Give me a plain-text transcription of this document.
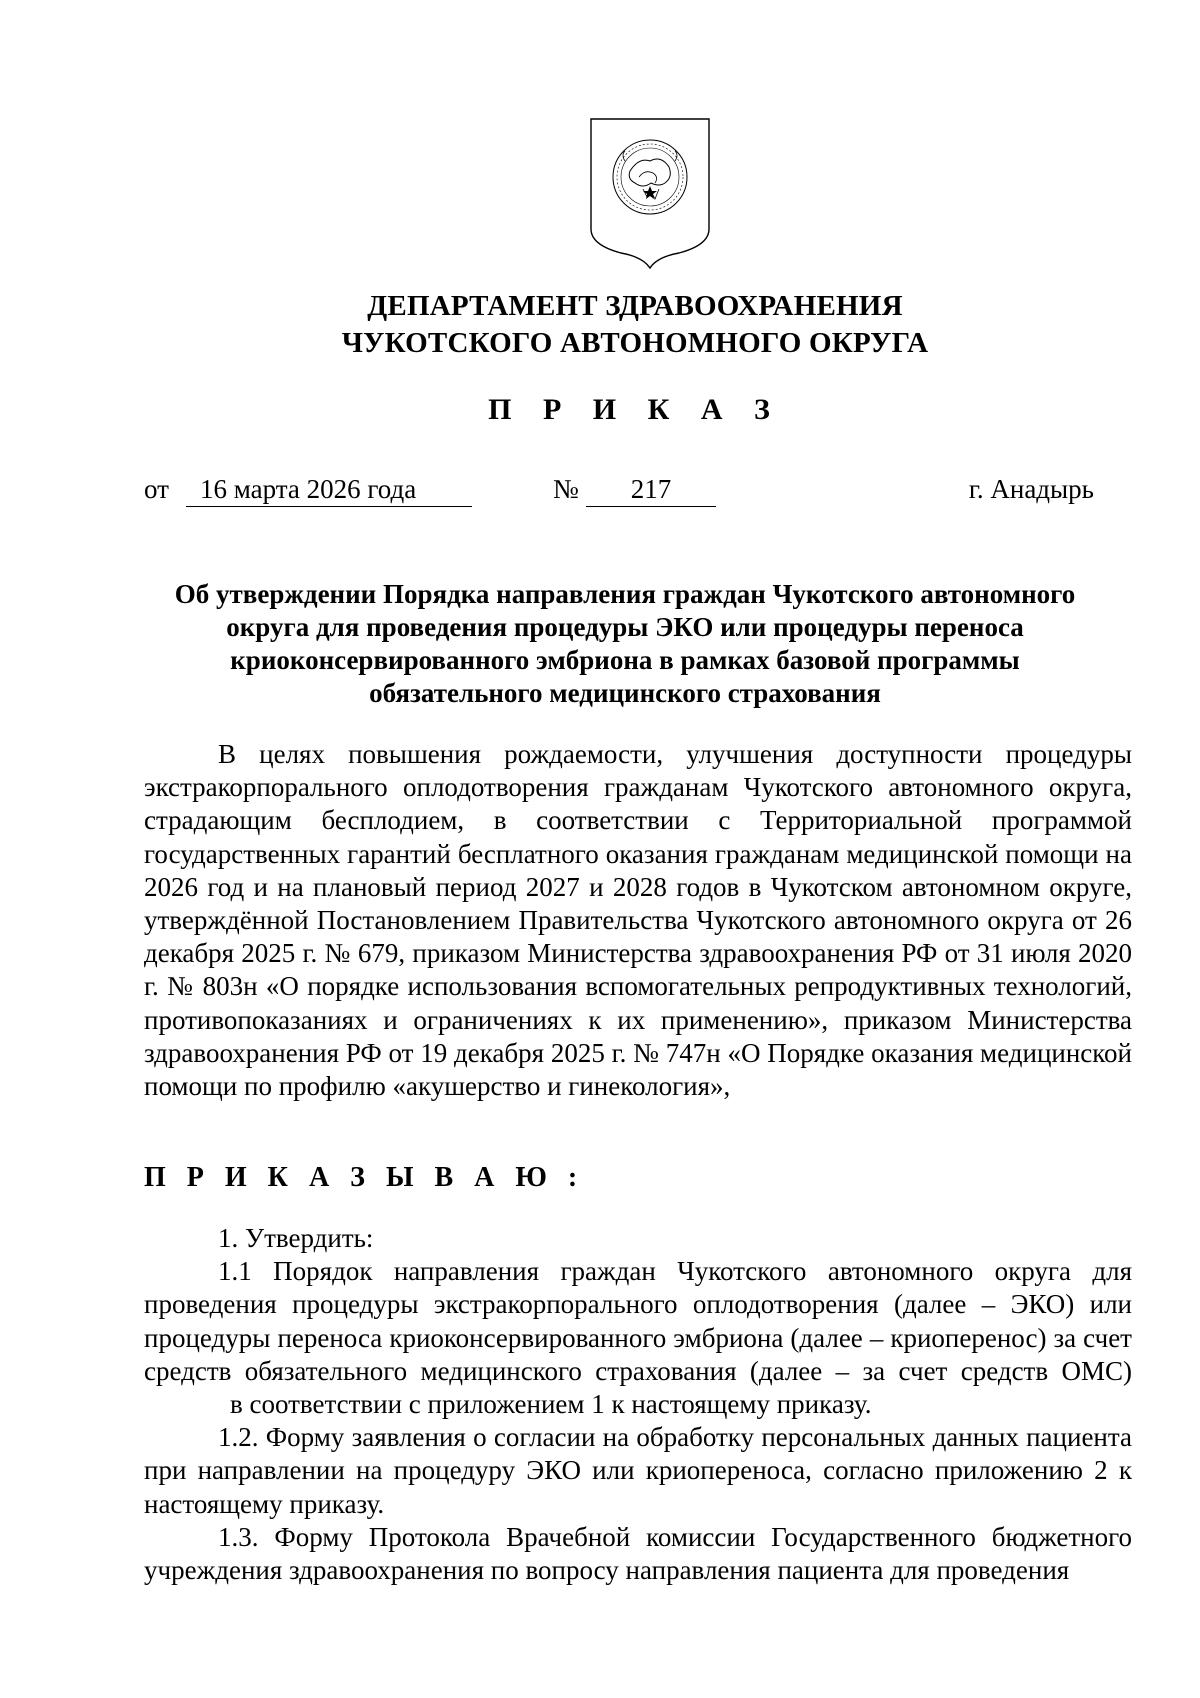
ДЕПАРТАМЕНТ ЗДРАВООХРАНЕНИЯ
ЧУКОТСКОГО АВТОНОМНОГО ОКРУГА
П Р И К А З
от 16 марта 2026 года	№	217	г. Анадырь
Об утверждении Порядка направления граждан Чукотского автономного
округа для проведения процедуры ЭКО или процедуры переноса
криоконсервированного эмбриона в рамках базовой программы
обязательного медицинского страхования
В целях повышения рождаемости, улучшения доступности процедуры экстракорпорального оплодотворения гражданам Чукотского автономного округа, страдающим бесплодием, в соответствии с Территориальной программой государственных гарантий бесплатного оказания гражданам медицинской помощи на 2026 год и на плановый период 2027 и 2028 годов в Чукотском автономном округе, утверждённой Постановлением Правительства Чукотского автономного округа от 26 декабря 2025 г. № 679, приказом Министерства здравоохранения РФ от 31 июля 2020 г. № 803н «О порядке использования вспомогательных репродуктивных технологий, противопоказаниях и ограничениях к их применению», приказом Министерства здравоохранения РФ от 19 декабря 2025 г. № 747н «О Порядке оказания медицинской помощи по профилю «акушерство и гинекология»,
П Р И К А З Ы В А Ю :

1. Утвердить:

1.1 Порядок направления граждан Чукотского автономного округа для проведения процедуры экстракорпорального оплодотворения (далее – ЭКО) или процедуры переноса криоконсервированного эмбриона (далее – криоперенос) за счет средств обязательного медицинского страхования (далее – за счет средств ОМС)в соответствии с приложением 1 к настоящему приказу.

1.2. Форму заявления о согласии на обработку персональных данных пациента при направлении на процедуру ЭКО или криопереноса, согласно приложению 2 к настоящему приказу.

1.3. Форму Протокола Врачебной комиссии Государственного бюджетного учреждения здравоохранения по вопросу направления пациента для проведения
